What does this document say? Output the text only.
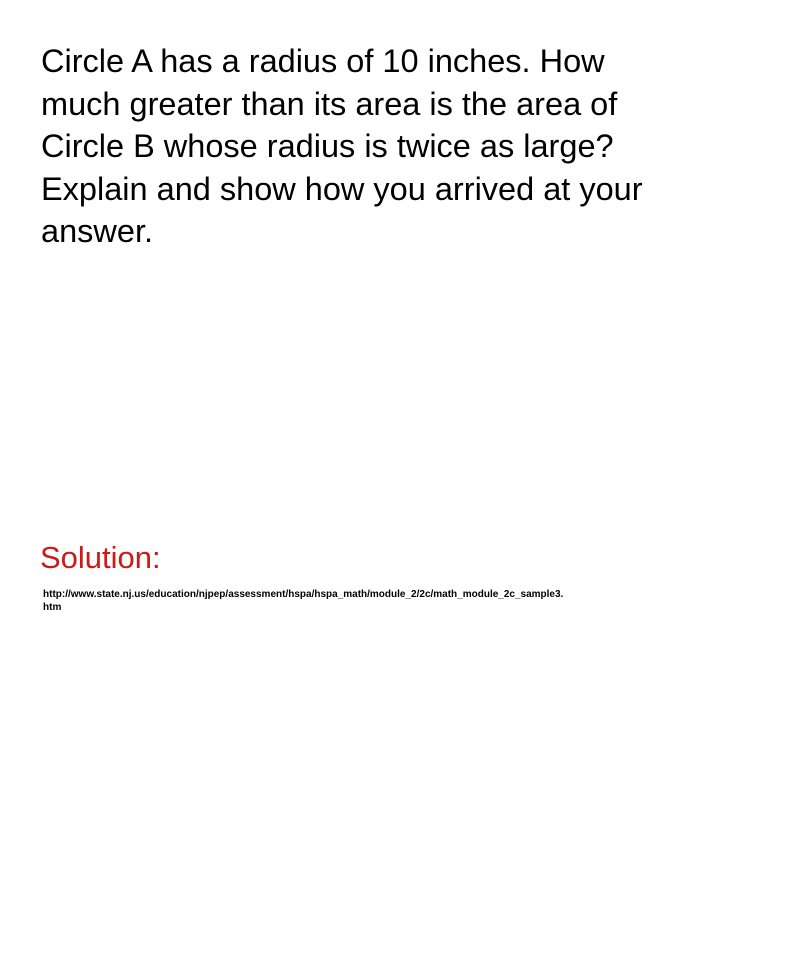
Circle A has a radius of 10 inches. How
much greater than its area is the area of
Circle B whose radius is twice as large?
Explain and show how you arrived at your
answer.

Solution:

http://www.state.nj.us/education/njpep/assessment/hspa/hspa_math/module_2/2c/math_module_2c_sample3.
htm
